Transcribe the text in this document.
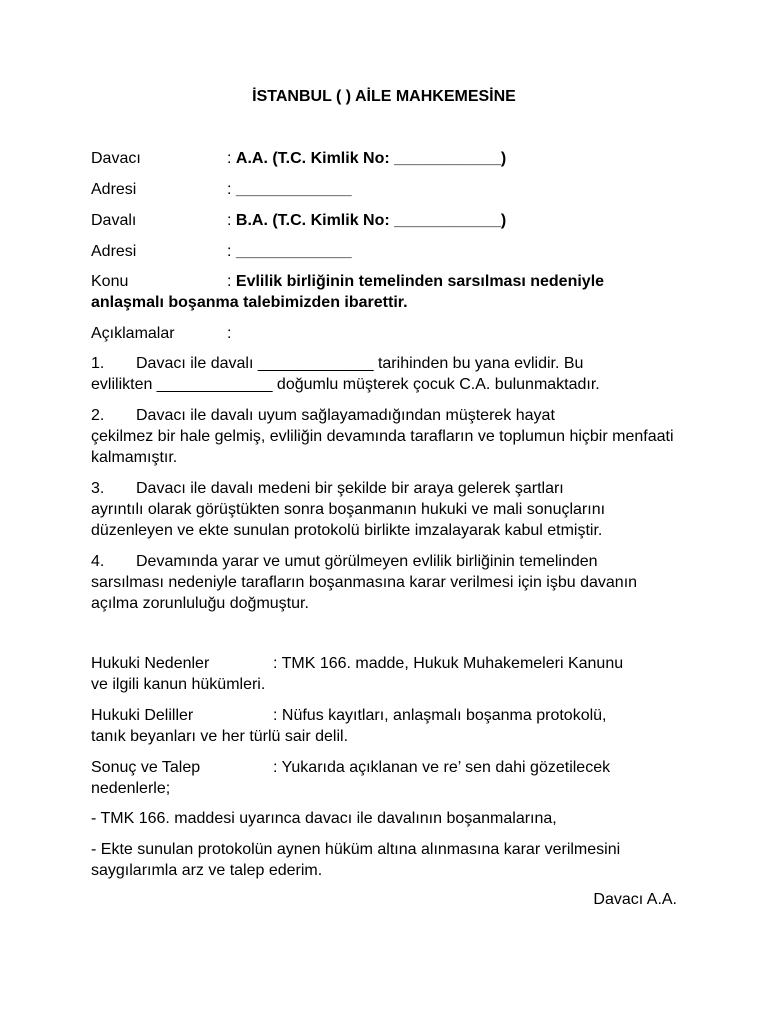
İSTANBUL ( ) AİLE MAHKEMESİNE
Davacı	: A.A. (T.C. Kimlik No: ____________)
Adresi	: _____________
Davalı	: B.A. (T.C. Kimlik No: ____________)
Adresi	: _____________
Konu	: Evlilik birliğinin temelinden sarsılması nedeniyle
anlaşmalı boşanma talebimizden ibarettir.
Açıklamalar	:
1. Davacı ile davalı _____________ tarihinden bu yana evlidir. Bu
evlilikten _____________ doğumlu müşterek çocuk C.A. bulunmaktadır.
2. Davacı ile davalı uyum sağlayamadığından müşterek hayat
çekilmez bir hale gelmiş, evliliğin devamında tarafların ve toplumun hiçbir menfaati kalmamıştır.
3. Davacı ile davalı medeni bir şekilde bir araya gelerek şartları
ayrıntılı olarak görüştükten sonra boşanmanın hukuki ve mali sonuçlarını düzenleyen ve ekte sunulan protokolü birlikte imzalayarak kabul etmiştir.
4. Devamında yarar ve umut görülmeyen evlilik birliğinin temelinden
sarsılması nedeniyle tarafların boşanmasına karar verilmesi için işbu davanın açılma zorunluluğu doğmuştur.
Hukuki Nedenler	: TMK 166. madde, Hukuk Muhakemeleri Kanunu
ve ilgili kanun hükümleri.
Hukuki Deliller	: Nüfus kayıtları, anlaşmalı boşanma protokolü,
tanık beyanları ve her türlü sair delil.
Sonuç ve Talep	: Yukarıda açıklanan ve re’ sen dahi gözetilecek
nedenlerle;
- TMK 166. maddesi uyarınca davacı ile davalının boşanmalarına,
- Ekte sunulan protokolün aynen hüküm altına alınmasına karar verilmesini saygılarımla arz ve talep ederim.
Davacı A.A.
